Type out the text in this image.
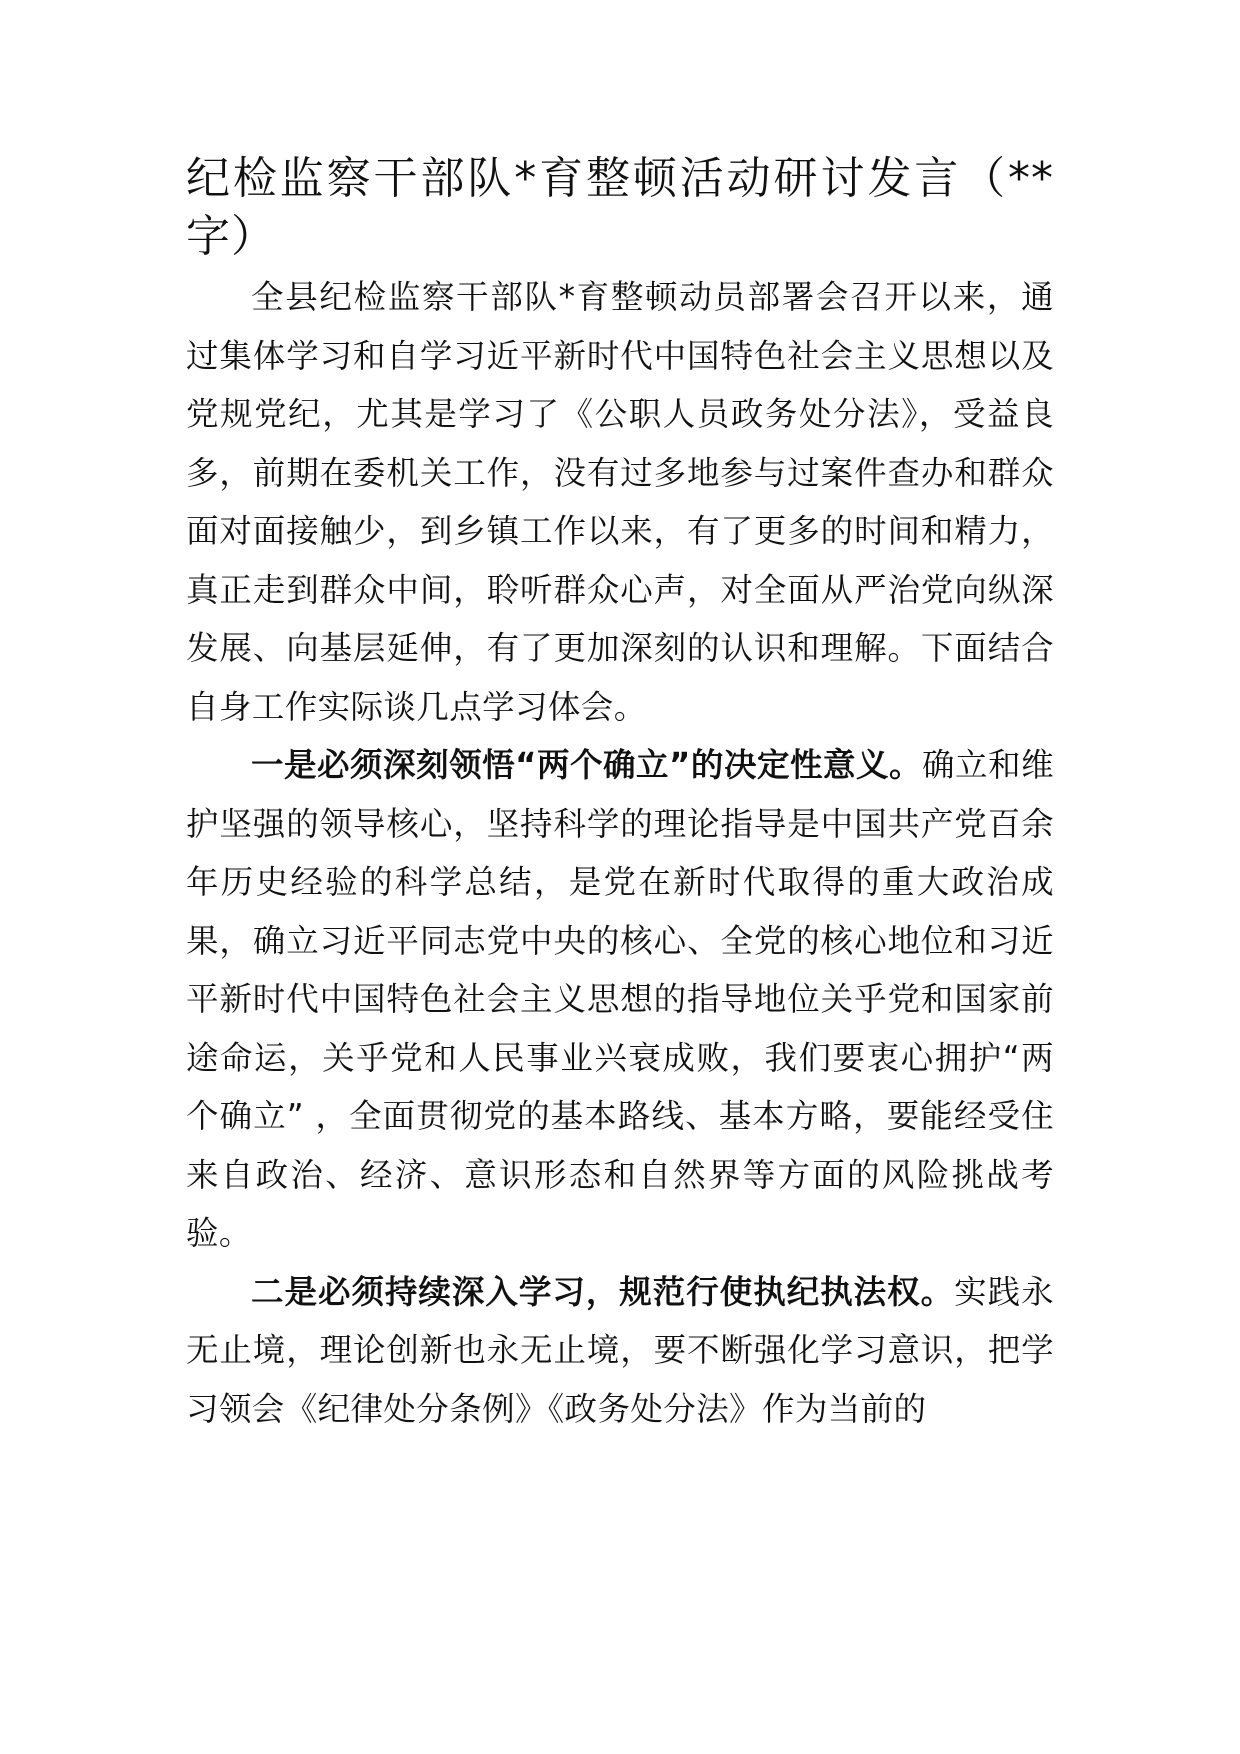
纪检监察干部队*育整顿活动研讨发言（**字）

全县纪检监察干部队*育整顿动员部署会召开以来，通过集体学习和自学习近平新时代中国特色社会主义思想以及党规党纪，尤其是学习了《公职人员政务处分法》，受益良多，前期在委机关工作，没有过多地参与过案件查办和群众面对面接触少，到乡镇工作以来，有了更多的时间和精力，真正走到群众中间，聆听群众心声，对全面从严治党向纵深发展、向基层延伸，有了更加深刻的认识和理解。下面结合自身工作实际谈几点学习体会。

一是必须深刻领悟“两个确立”的决定性意义。确立和维护坚强的领导核心，坚持科学的理论指导是中国共产党百余年历史经验的科学总结，是党在新时代取得的重大政治成果，确立习近平同志党中央的核心、全党的核心地位和习近平新时代中国特色社会主义思想的指导地位关乎党和国家前途命运，关乎党和人民事业兴衰成败，我们要衷心拥护“两个确立” ，全面贯彻党的基本路线、基本方略，要能经受住来自政治、经济、意识形态和自然界等方面的风险挑战考验。

二是必须持续深入学习，规范行使执纪执法权。实践永无止境，理论创新也永无止境，要不断强化学习意识，把学习领会《纪律处分条例》《政务处分法》作为当前的
